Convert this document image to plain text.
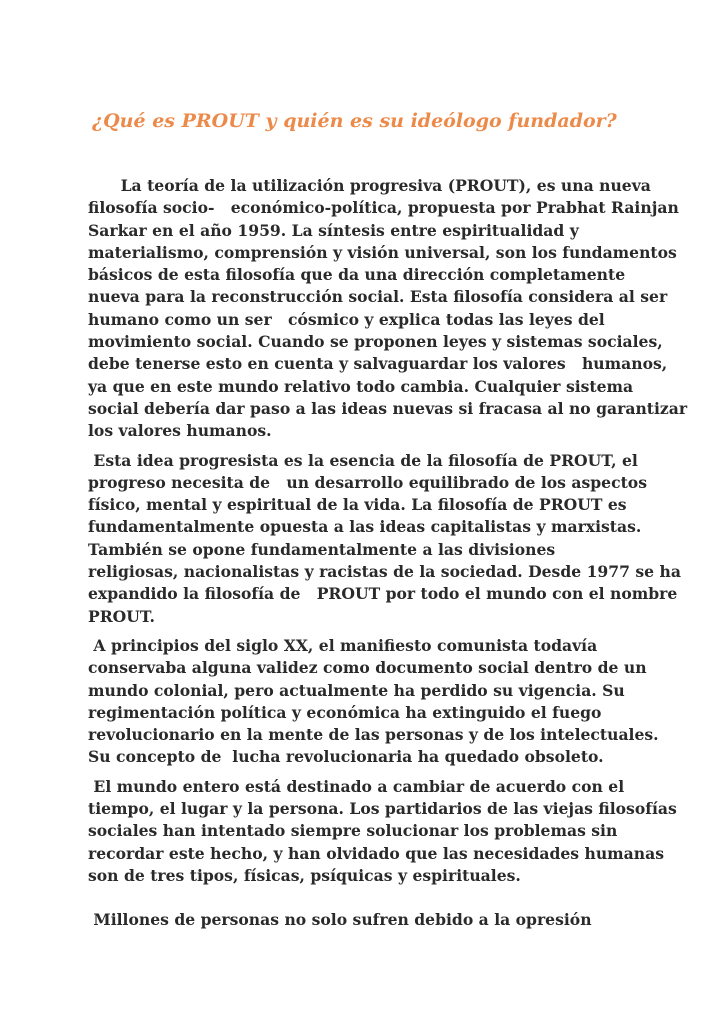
¿Qué es PROUT y quién es su ideólogo fundador?

La teoría de la utilización progresiva (PROUT), es una nueva
filosofía socio-   económico-política, propuesta por Prabhat Rainjan
Sarkar en el año 1959. La síntesis entre espiritualidad y
materialismo, comprensión y visión universal, son los fundamentos
básicos de esta filosofía que da una dirección completamente
nueva para la reconstrucción social. Esta filosofía considera al ser
humano como un ser   cósmico y explica todas las leyes del
movimiento social. Cuando se proponen leyes y sistemas sociales,
debe tenerse esto en cuenta y salvaguardar los valores   humanos,
ya que en este mundo relativo todo cambia. Cualquier sistema
social debería dar paso a las ideas nuevas si fracasa al no garantizar
los valores humanos.

Esta idea progresista es la esencia de la filosofía de PROUT, el
progreso necesita de   un desarrollo equilibrado de los aspectos
físico, mental y espiritual de la vida. La filosofía de PROUT es
fundamentalmente opuesta a las ideas capitalistas y marxistas.
También se opone fundamentalmente a las divisiones
religiosas, nacionalistas y racistas de la sociedad. Desde 1977 se ha
expandido la filosofía de   PROUT por todo el mundo con el nombre
PROUT.

A principios del siglo XX, el manifiesto comunista todavía
conservaba alguna validez como documento social dentro de un
mundo colonial, pero actualmente ha perdido su vigencia. Su
regimentación política y económica ha extinguido el fuego
revolucionario en la mente de las personas y de los intelectuales.
Su concepto de  lucha revolucionaria ha quedado obsoleto.

El mundo entero está destinado a cambiar de acuerdo con el
tiempo, el lugar y la persona. Los partidarios de las viejas filosofías
sociales han intentado siempre solucionar los problemas sin
recordar este hecho, y han olvidado que las necesidades humanas
son de tres tipos, físicas, psíquicas y espirituales.

Millones de personas no solo sufren debido a la opresión
